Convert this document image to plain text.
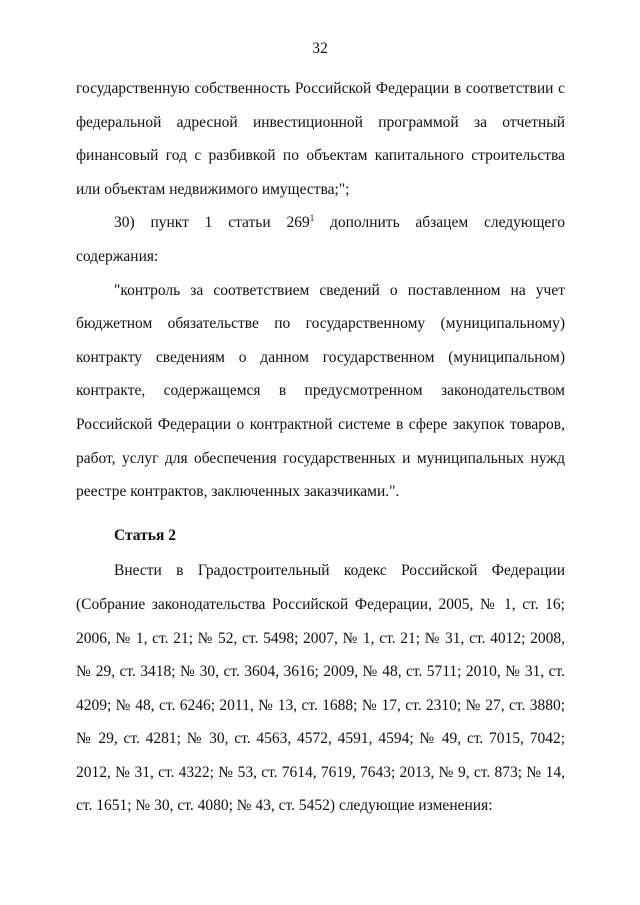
32

государственную собственность Российской Федерации в соответствии с федеральной адресной инвестиционной программой за отчетный финансовый год с разбивкой по объектам капитального строительства или объектам недвижимого имущества;";

30) пункт 1 статьи $269^1$ дополнить абзацем следующего содержания:

"контроль за соответствием сведений о поставленном на учет бюджетном обязательстве по государственному (муниципальному) контракту сведениям о данном государственном (муниципальном) контракте, содержащемся в предусмотренном законодательством Российской Федерации о контрактной системе в сфере закупок товаров, работ, услуг для обеспечения государственных и муниципальных нужд реестре контрактов, заключенных заказчиками.".

Статья 2

Внести в Градостроительный кодекс Российской Федерации (Собрание законодательства Российской Федерации, 2005, № 1, ст. 16; 2006, № 1, ст. 21; № 52, ст. 5498; 2007, № 1, ст. 21; № 31, ст. 4012; 2008, № 29, ст. 3418; № 30, ст. 3604, 3616; 2009, № 48, ст. 5711; 2010, № 31, ст. 4209; № 48, ст. 6246; 2011, № 13, ст. 1688; № 17, ст. 2310; № 27, ст. 3880; № 29, ст. 4281; № 30, ст. 4563, 4572, 4591, 4594; № 49, ст. 7015, 7042; 2012, № 31, ст. 4322; № 53, ст. 7614, 7619, 7643; 2013, № 9, ст. 873; № 14, ст. 1651; № 30, ст. 4080; № 43, ст. 5452) следующие изменения:
